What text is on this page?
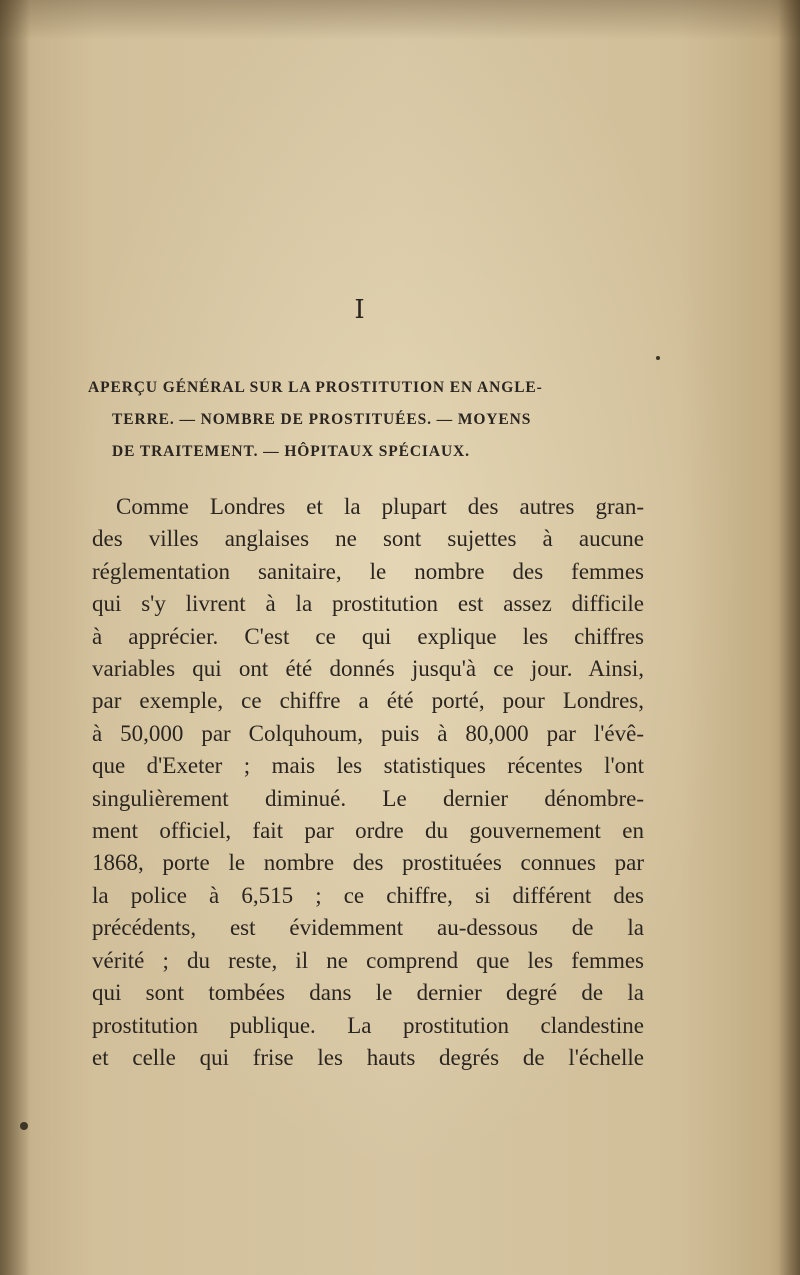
I
APERÇU GÉNÉRAL SUR LA PROSTITUTION EN ANGLE-
TERRE. — NOMBRE DE PROSTITUÉES. — MOYENS
DE TRAITEMENT. — HÔPITAUX SPÉCIAUX.
Comme Londres et la plupart des autres gran-
des villes anglaises ne sont sujettes à aucune
réglementation sanitaire, le nombre des femmes
qui s'y livrent à la prostitution est assez difficile
à apprécier. C'est ce qui explique les chiffres
variables qui ont été donnés jusqu'à ce jour. Ainsi,
par exemple, ce chiffre a été porté, pour Londres,
à 50,000 par Colquhoum, puis à 80,000 par l'évê-
que d'Exeter ; mais les statistiques récentes l'ont
singulièrement diminué. Le dernier dénombre-
ment officiel, fait par ordre du gouvernement en
1868, porte le nombre des prostituées connues par
la police à 6,515 ; ce chiffre, si différent des
précédents, est évidemment au-dessous de la
vérité ; du reste, il ne comprend que les femmes
qui sont tombées dans le dernier degré de la
prostitution publique. La prostitution clandestine
et celle qui frise les hauts degrés de l'échelle
